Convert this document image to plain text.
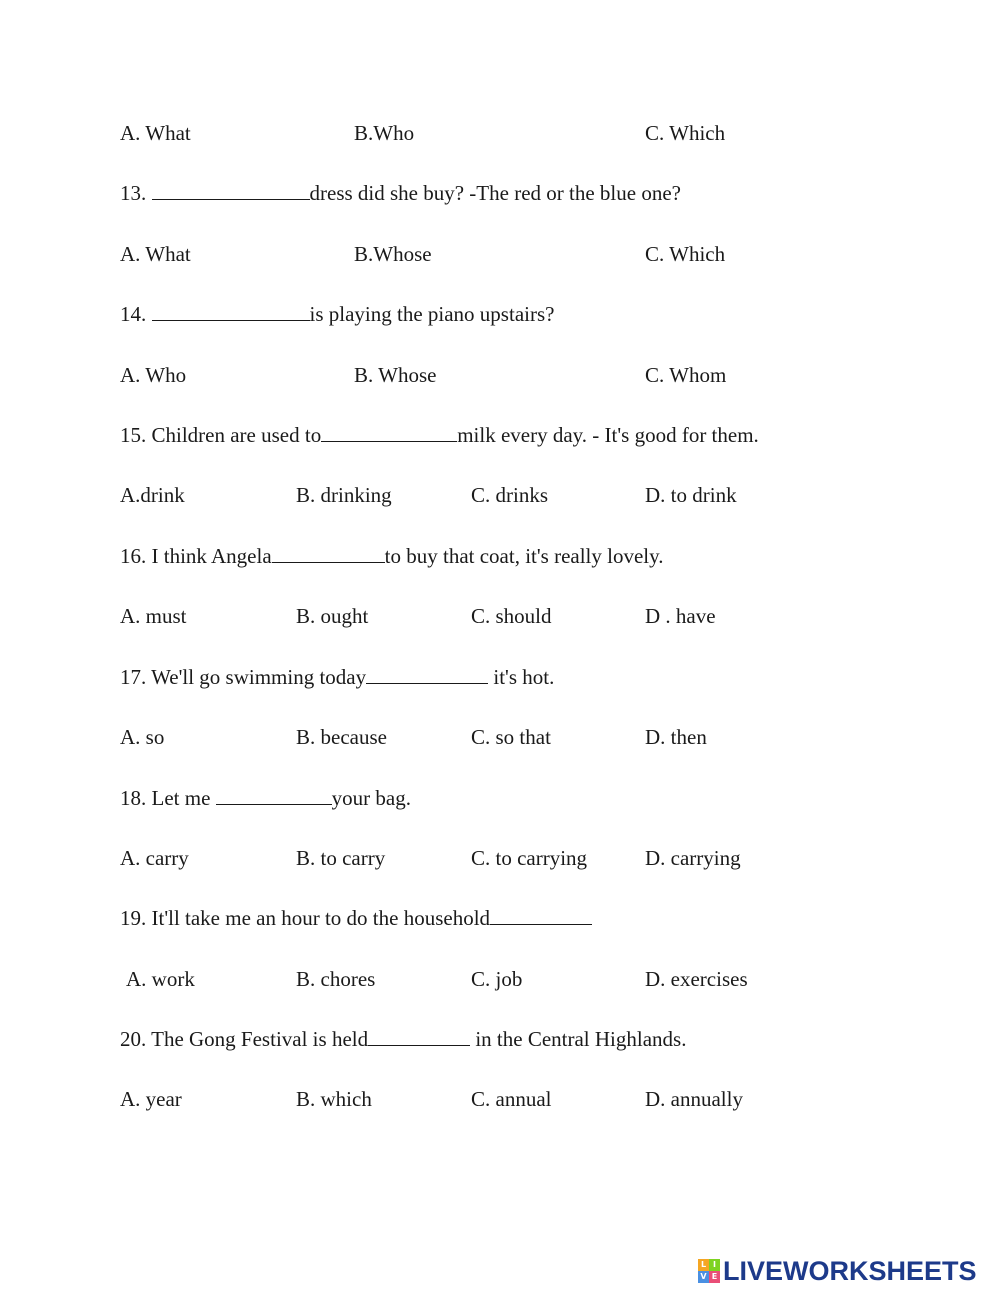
A. What	B.Who	C. Which
13.	dress did she buy? -The red or the blue one?
A. What	B.Whose	C. Which
14.	is playing the piano upstairs?
A. Who	B. Whose	C. Whom
15. Children are used to	milk every day. - It's good for them.
A.drink	B. drinking	C. drinks	D. to drink
16. I think Angela	to buy that coat, it's really lovely.
A. must	B. ought	C. should	D . have
17. We'll go swimming today	it's hot.
A. so	B. because	C. so that	D. then
18. Let me	your bag.
A. carry	B. to carry	C. to carrying	D. carrying
19. It'll take me an hour to do the household
A. work	B. chores	C. job	D. exercises
20. The Gong Festival is held	in the Central Highlands.
A. year	B. which	C. annual	D. annually
L I
V E LIVEWORKSHEETS
